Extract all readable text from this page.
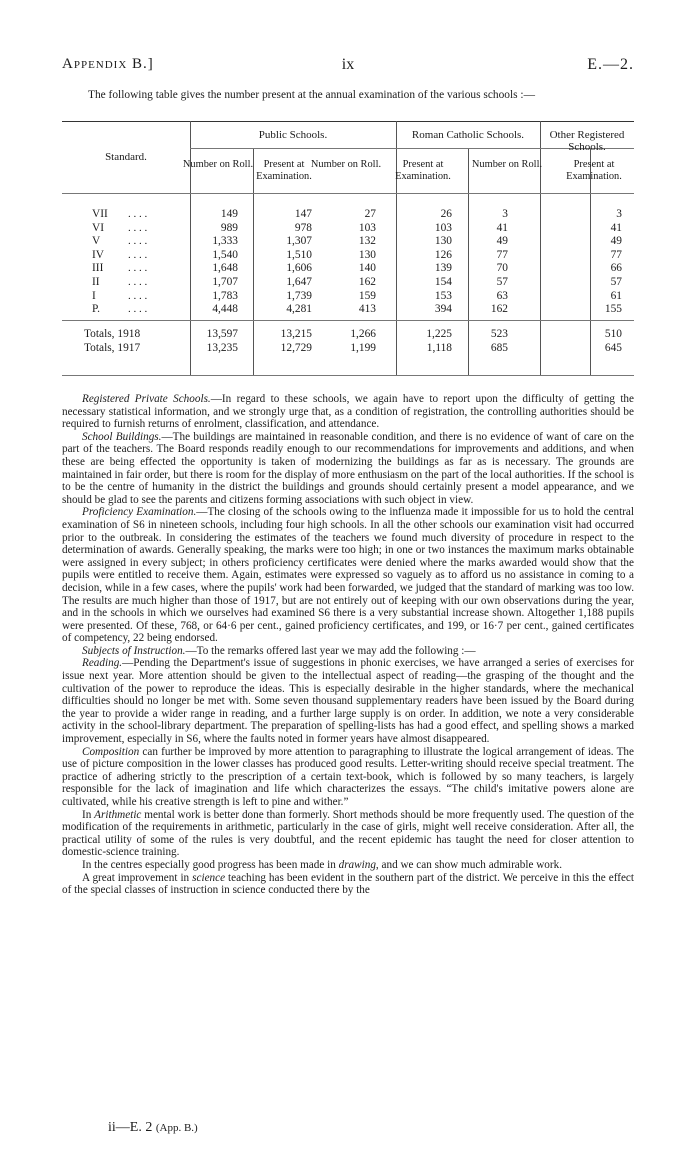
Appendix B.]	ix	E.—2.
The following table gives the number present at the annual examination of the various schools :—
Standard.
Public Schools.
Number on Roll.	Present at Examination.
Roman Catholic Schools.
Number on Roll.	Present at Examination.
Other Registered Schools.
Number on Roll.	Present at Examination.
VII . . . .	149	147	27	26	3	3
VI . . . .	989	978	103	103	41	41
V	. . . .	1,333	1,307	132	130	49	49
IV . . . .	1,540	1,510	130	126	77	77
III . . . .	1,648	1,606	140	139	70	66
II	. . . .	1,707	1,647	162	154	57	57
I	. . . .	1,783	1,739	159	153	63	61
P.	. . . .	4,448	4,281	413	394	162	155
Totals, 1918	13,597	13,215	1,266	1,225	523	510
Totals, 1917	13,235	12,729	1,199	1,118	685	645

Registered Private Schools.—In regard to these schools, we again have to report upon the difficulty of getting the necessary statistical information, and we strongly urge that, as a condition of registration, the controlling authorities should be required to furnish returns of enrolment, classification, and attendance.

School Buildings.—The buildings are maintained in reasonable condition, and there is no evidence of want of care on the part of the teachers. The Board responds readily enough to our recommendations for improvements and additions, and when these are being effected the opportunity is taken of modernizing the buildings as far as is necessary. The grounds are maintained in fair order, but there is room for the display of more enthusiasm on the part of the local authorities. If the school is to be the centre of humanity in the district the buildings and grounds should certainly present a model appearance, and we should be glad to see the parents and citizens forming associations with such object in view.

Proficiency Examination.—The closing of the schools owing to the influenza made it impossible for us to hold the central examination of S6 in nineteen schools, including four high schools. In all the other schools our examination visit had occurred prior to the outbreak. In considering the estimates of the teachers we found much diversity of procedure in respect to the determination of awards. Generally speaking, the marks were too high; in one or two instances the maximum marks obtainable were assigned in every subject; in others proficiency certificates were denied where the marks awarded would show that the pupils were entitled to receive them. Again, estimates were expressed so vaguely as to afford us no assistance in coming to a decision, while in a few cases, where the pupils' work had been forwarded, we judged that the standard of marking was too low. The results are much higher than those of 1917, but are not entirely out of keeping with our own observations during the year, and in the schools in which we ourselves had examined S6 there is a very substantial increase shown. Altogether 1,188 pupils were presented. Of these, 768, or 64·6 per cent., gained proficiency certificates, and 199, or 16·7 per cent., gained certificates of competency, 22 being endorsed.

Subjects of Instruction.—To the remarks offered last year we may add the following :—

Reading.—Pending the Department's issue of suggestions in phonic exercises, we have arranged a series of exercises for issue next year. More attention should be given to the intellectual aspect of reading—the grasping of the thought and the cultivation of the power to reproduce the ideas. This is especially desirable in the higher standards, where the mechanical difficulties should no longer be met with. Some seven thousand supplementary readers have been issued by the Board during the year to provide a wider range in reading, and a further large supply is on order. In addition, we note a very considerable activity in the school-library department. The preparation of spelling-lists has had a good effect, and spelling shows a marked improvement, especially in S6, where the faults noted in former years have almost disappeared.

Composition can further be improved by more attention to paragraphing to illustrate the logical arrangement of ideas. The use of picture composition in the lower classes has produced good results. Letter-writing should receive special treatment. The practice of adhering strictly to the prescription of a certain text-book, which is followed by so many teachers, is largely responsible for the lack of imagination and life which characterizes the essays. “The child's imitative powers alone are cultivated, while his creative strength is left to pine and wither.”

In Arithmetic mental work is better done than formerly. Short methods should be more frequently used. The question of the modification of the requirements in arithmetic, particularly in the case of girls, might well receive consideration. After all, the practical utility of some of the rules is very doubtful, and the recent epidemic has taught the need for closer attention to domestic-science training.

In the centres especially good progress has been made in drawing, and we can show much admirable work.

A great improvement in science teaching has been evident in the southern part of the district. We perceive in this the effect of the special classes of instruction in science conducted there by the

ii—E. 2 (App. B.)
